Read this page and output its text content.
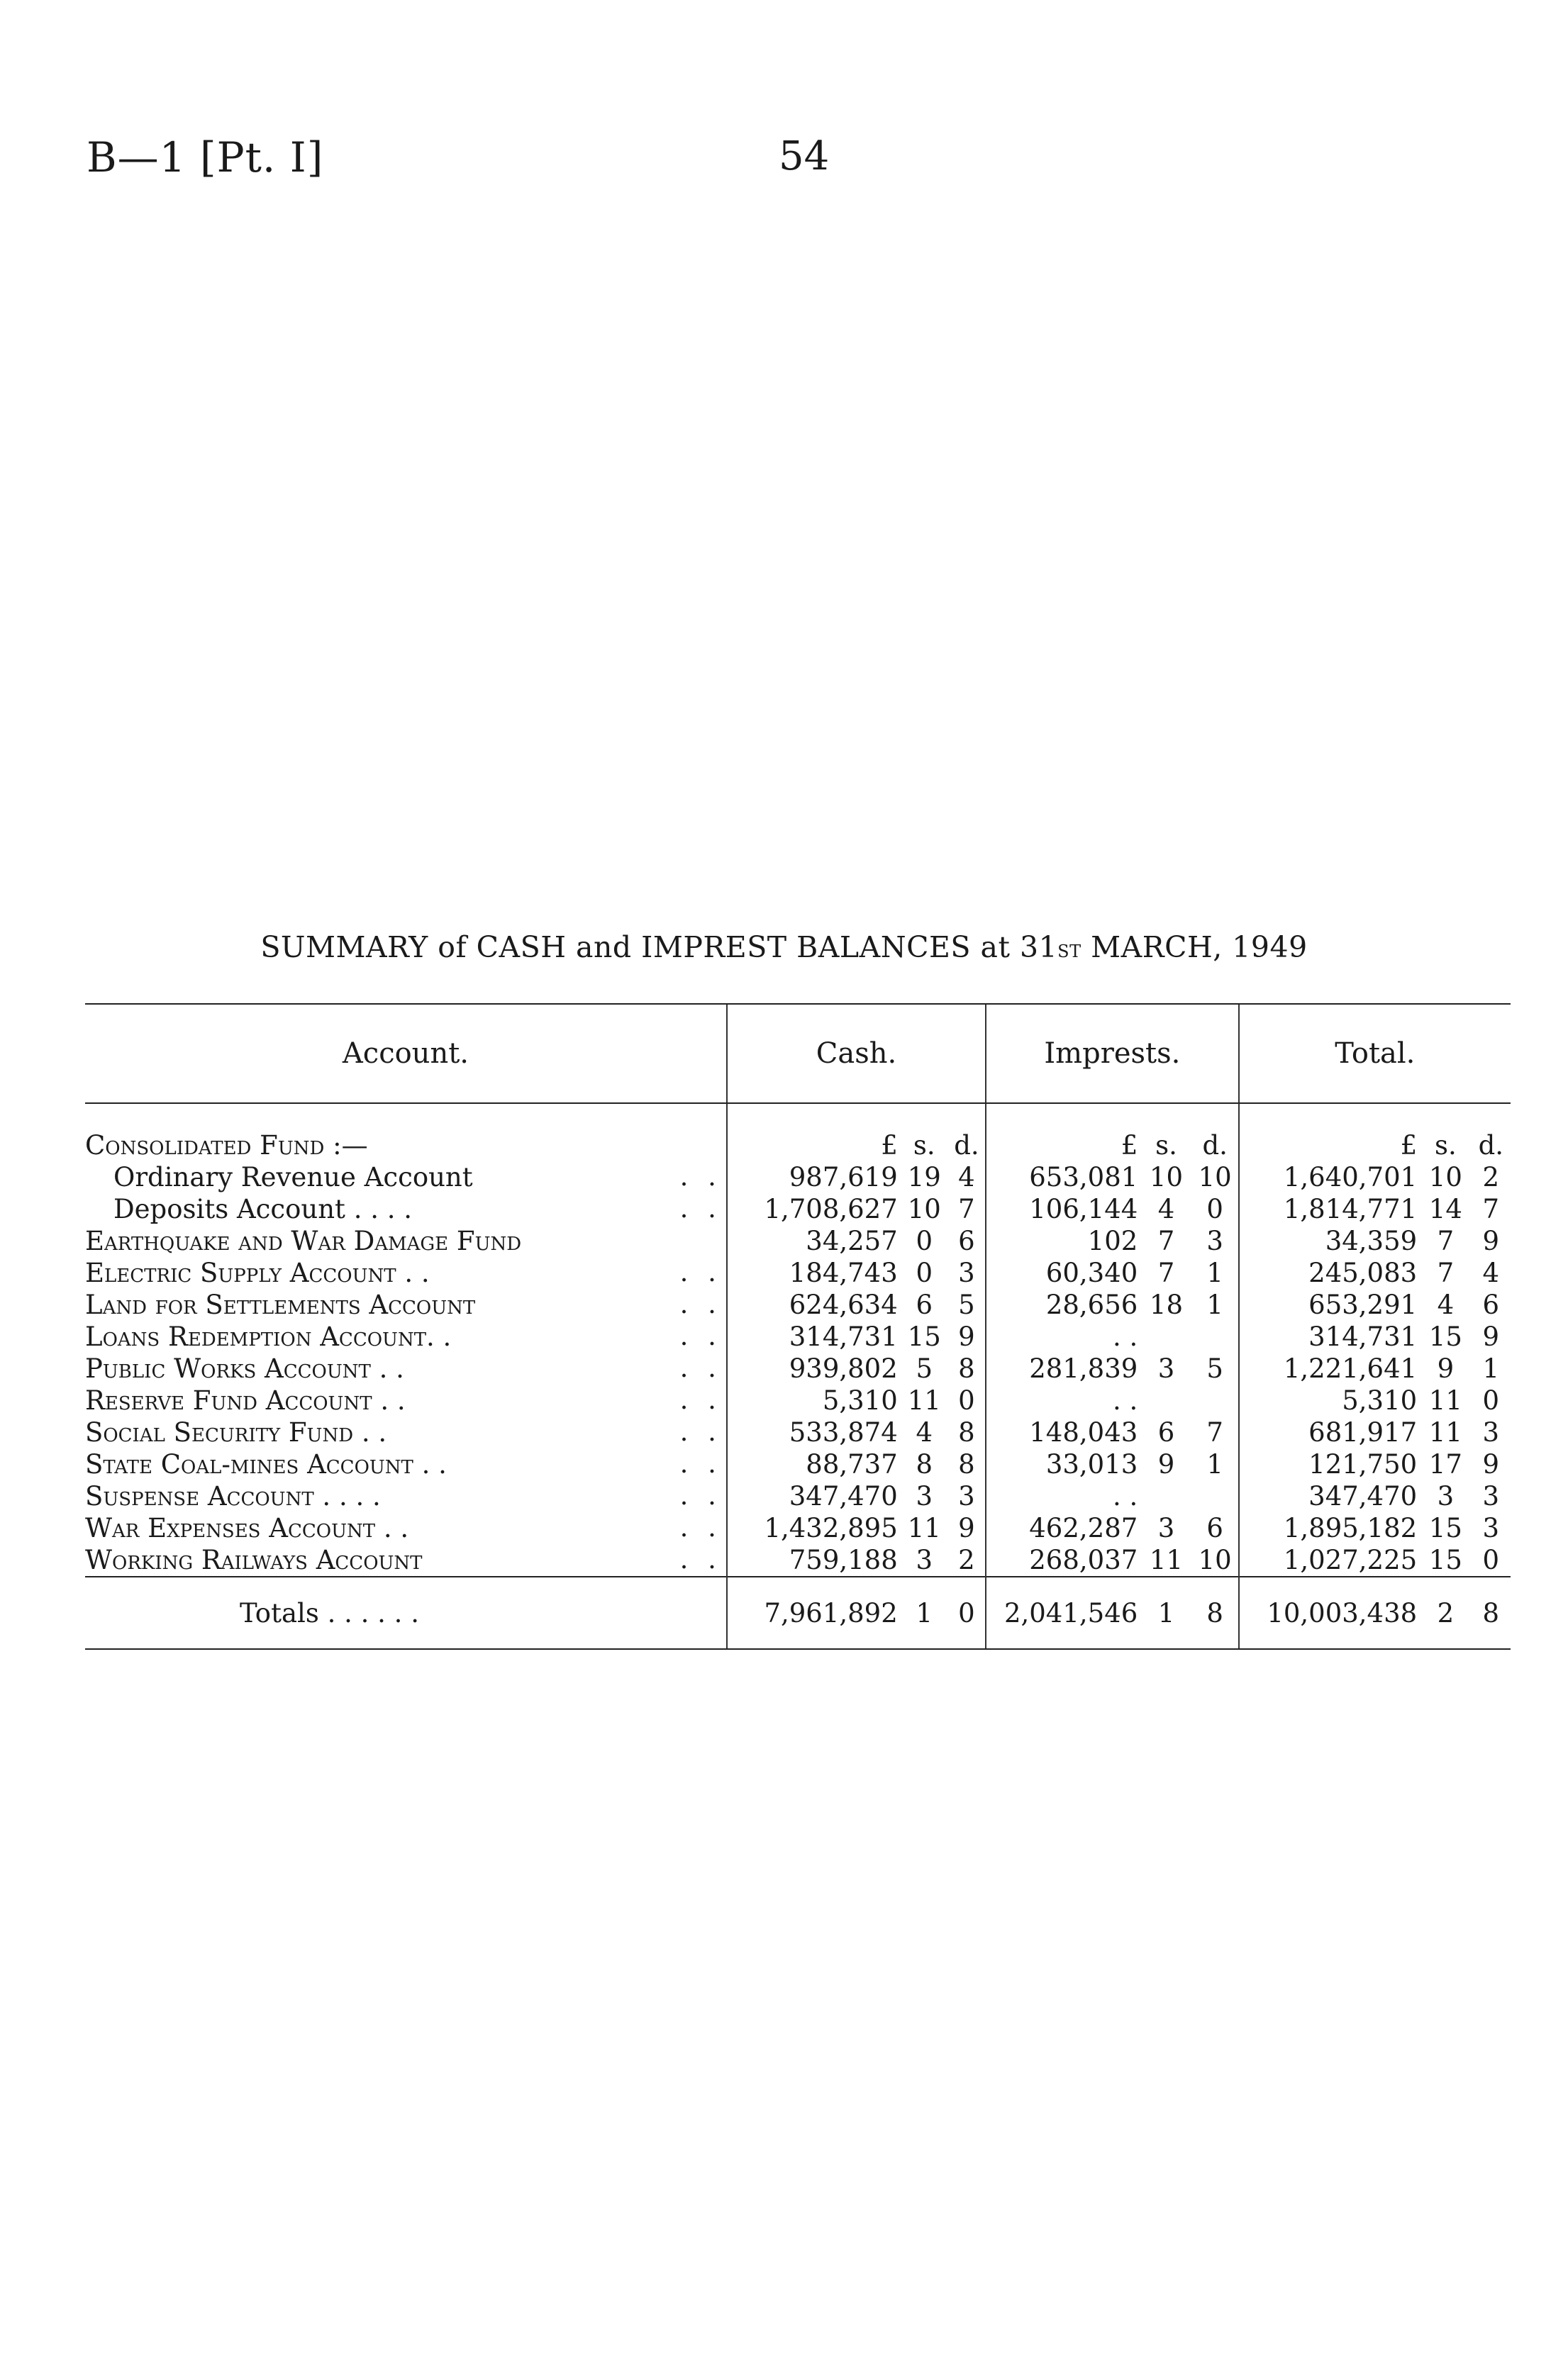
B—1 [Pt. I]	54
SUMMARY of CASH and IMPREST BALANCES at 31st MARCH, 1949
Account.	Cash.			Imprests.			Total.		
Consolidated Fund :—	£	s.	d.	£	s.	d.	£	s.	d.
Ordinary Revenue Account . .	987,619	19	4	653,081	10	10	1,640,701	10	2
Deposits Account . . . . . .	1,708,627	10	7	106,144	4	0	1,814,771	14	7
Earthquake and War Damage Fund	34,257	0	6	102	7	3	34,359	7	9
Electric Supply Account . . . .	184,743	0	3	60,340	7	1	245,083	7	4
Land for Settlements Account . .	624,634	6	5	28,656	18	1	653,291	4	6
Loans Redemption Account. . . .	314,731	15	9	. .			314,731	15	9
Public Works Account . . . .	939,802	5	8	281,839	3	5	1,221,641	9	1
Reserve Fund Account . . . .	5,310	11	0	. .			5,310	11	0
Social Security Fund . . . .	533,874	4	8	148,043	6	7	681,917	11	3
State Coal-mines Account . . . .	88,737	8	8	33,013	9	1	121,750	17	9
Suspense Account . . . . . .	347,470	3	3	. .			347,470	3	3
War Expenses Account . . . .	1,432,895	11	9	462,287	3	6	1,895,182	15	3
Working Railways Account . .	759,188	3	2	268,037	11	10	1,027,225	15	0
Totals . . . . . .	7,961,892	1	0	2,041,546	1	8	10,003,438	2	8
